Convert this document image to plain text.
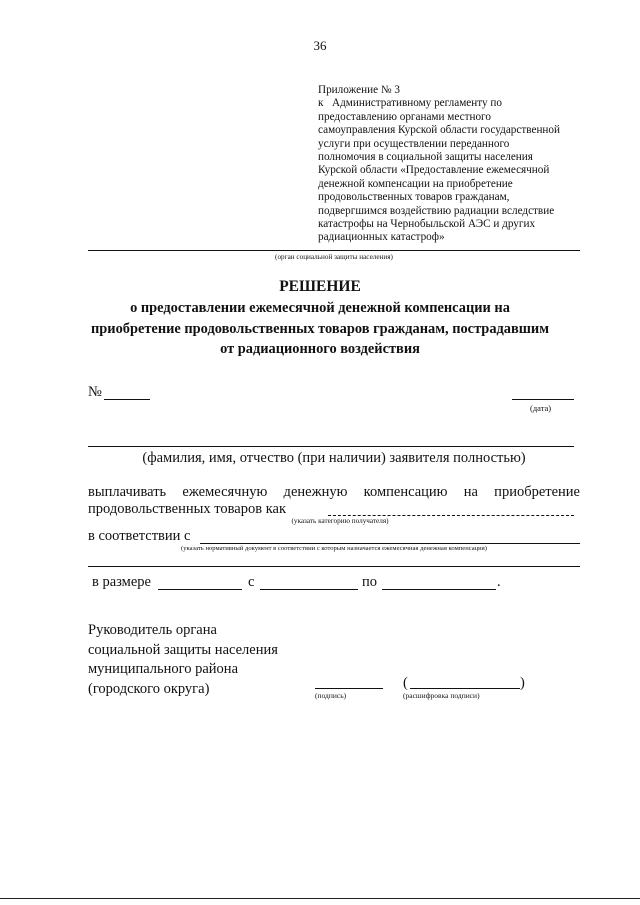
36
Приложение № 3
к Административному регламенту по
предоставлению органами местного
самоуправления Курской области государственной
услуги при осуществлении переданного
полномочия в социальной защиты населения
Курской области «Предоставление ежемесячной
денежной компенсации на приобретение
продовольственных товаров гражданам,
подвергшимся воздействию радиации вследствие
катастрофы на Чернобыльской АЭС и других
радиационных катастроф»
(орган социальной защиты населения)
РЕШЕНИЕ
о предоставлении ежемесячной денежной компенсации на
приобретение продовольственных товаров гражданам, пострадавшим
от радиационного воздействия
№
(дата)
(фамилия, имя, отчество (при наличии) заявителя полностью)
выплачивать ежемесячную денежную компенсацию на приобретение
продовольственных товаров как
(указать категорию получателя)
в соответствии с
(указать нормативный документ в соответствии с которым назначается ежемесячная денежная компенсация)
в размере	с	по	.
Руководитель органа
социальной защиты населения
муниципального района
(городского округа)	(подпись)
(	)
(расшифровка подписи)
